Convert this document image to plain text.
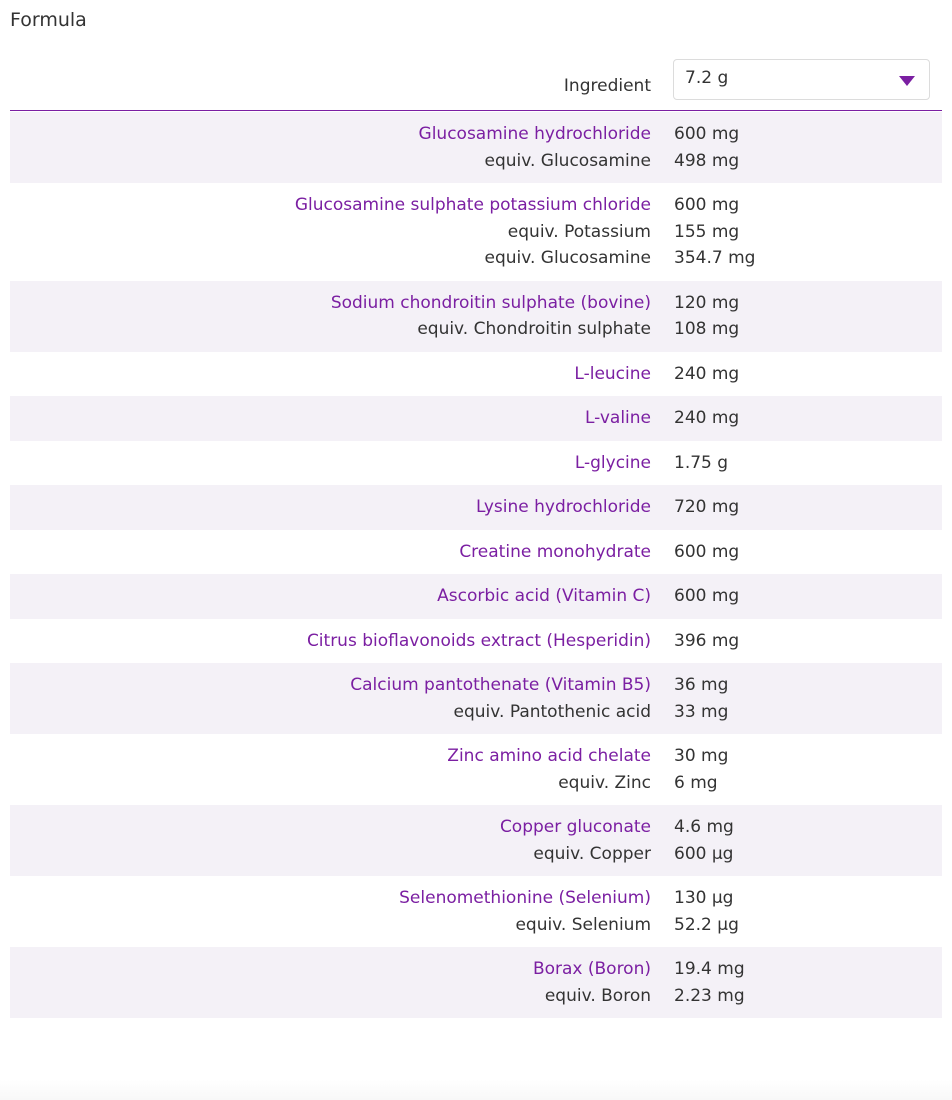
Formula
Ingredient 7.2 g
Glucosamine hydrochloride 600 mg
equiv. Glucosamine 498 mg
Glucosamine sulphate potassium chloride 600 mg
equiv. Potassium 155 mg
equiv. Glucosamine 354.7 mg
Sodium chondroitin sulphate (bovine) 120 mg
equiv. Chondroitin sulphate 108 mg
L-leucine 240 mg
L-valine 240 mg
L-glycine 1.75 g
Lysine hydrochloride 720 mg
Creatine monohydrate 600 mg
Ascorbic acid (Vitamin C) 600 mg
Citrus bioflavonoids extract (Hesperidin) 396 mg
Calcium pantothenate (Vitamin B5) 36 mg
equiv. Pantothenic acid 33 mg
Zinc amino acid chelate 30 mg
equiv. Zinc 6 mg
Copper gluconate 4.6 mg
equiv. Copper 600 µg
Selenomethionine (Selenium) 130 µg
equiv. Selenium 52.2 µg
Borax (Boron) 19.4 mg
equiv. Boron 2.23 mg
